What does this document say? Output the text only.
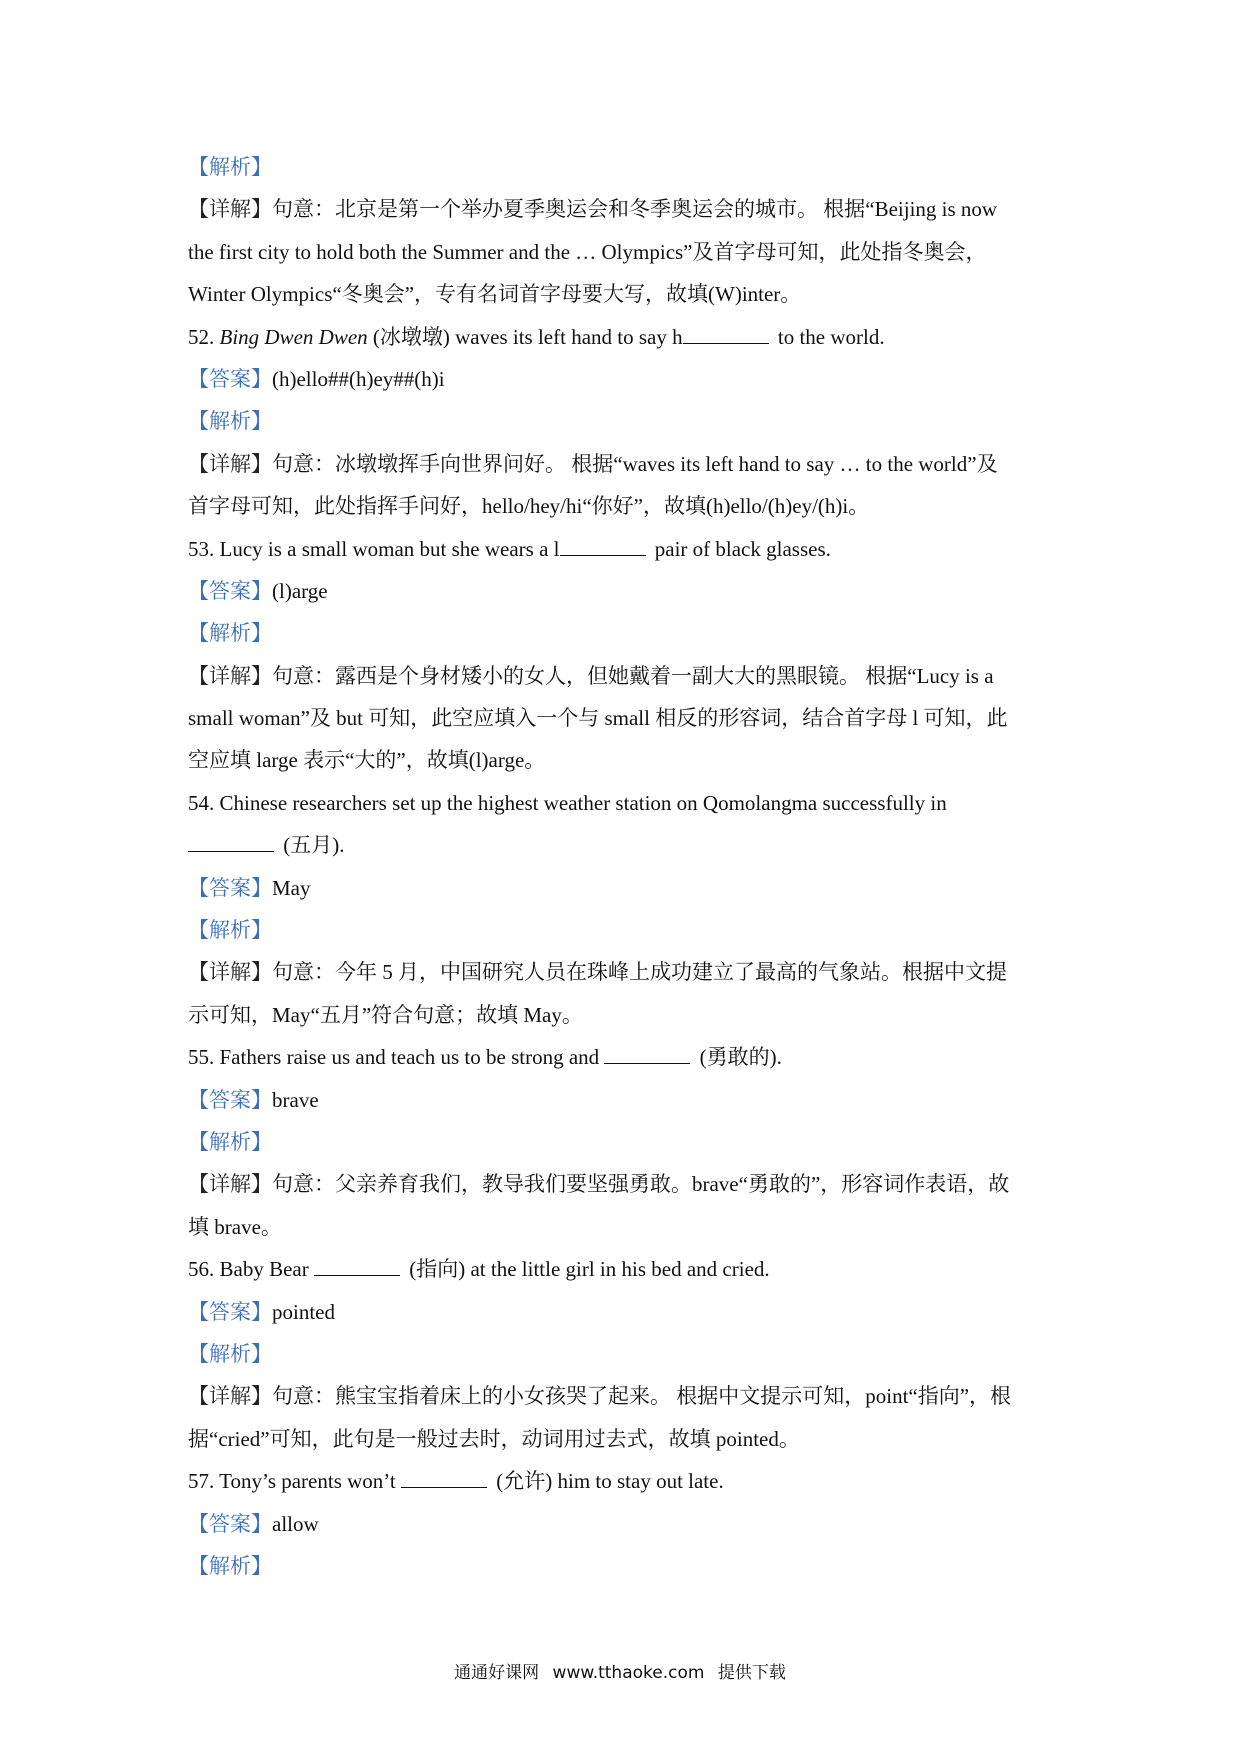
【解析】
【详解】句意：北京是第一个举办夏季奥运会和冬季奥运会的城市。 根据“Beijing is now
the first city to hold both the Summer and the … Olympics”及首字母可知，此处指冬奥会，
Winter Olympics“冬奥会”，专有名词首字母要大写，故填(W)inter。
52. Bing Dwen Dwen (冰墩墩) waves its left hand to say h	to the world.
【答案】(h)ello##(h)ey##(h)i
【解析】
【详解】句意：冰墩墩挥手向世界问好。 根据“waves its left hand to say … to the world”及
首字母可知，此处指挥手问好，hello/hey/hi“你好”，故填(h)ello/(h)ey/(h)i。
53. Lucy is a small woman but she wears a l	pair of black glasses.
【答案】(l)arge
【解析】
【详解】句意：露西是个身材矮小的女人，但她戴着一副大大的黑眼镜。 根据“Lucy is a
small woman”及 but 可知，此空应填入一个与 small 相反的形容词，结合首字母 l 可知，此
空应填 large 表示“大的”，故填(l)arge。
54. Chinese researchers set up the highest weather station on Qomolangma successfully in
(五月).
【答案】May
【解析】
【详解】句意：今年 5 月，中国研究人员在珠峰上成功建立了最高的气象站。根据中文提
示可知，May“五月”符合句意；故填 May。
55. Fathers raise us and teach us to be strong and	(勇敢的).
【答案】brave
【解析】
【详解】句意：父亲养育我们，教导我们要坚强勇敢。brave“勇敢的”，形容词作表语，故
填 brave。
56. Baby Bear	(指向) at the little girl in his bed and cried.
【答案】pointed
【解析】
【详解】句意：熊宝宝指着床上的小女孩哭了起来。 根据中文提示可知，point“指向”，根
据“cried”可知，此句是一般过去时，动词用过去式，故填 pointed。
57. Tony’s parents won’t	(允许) him to stay out late.
【答案】allow
【解析】
通通好课网 www.tthaoke.com 提供下载
